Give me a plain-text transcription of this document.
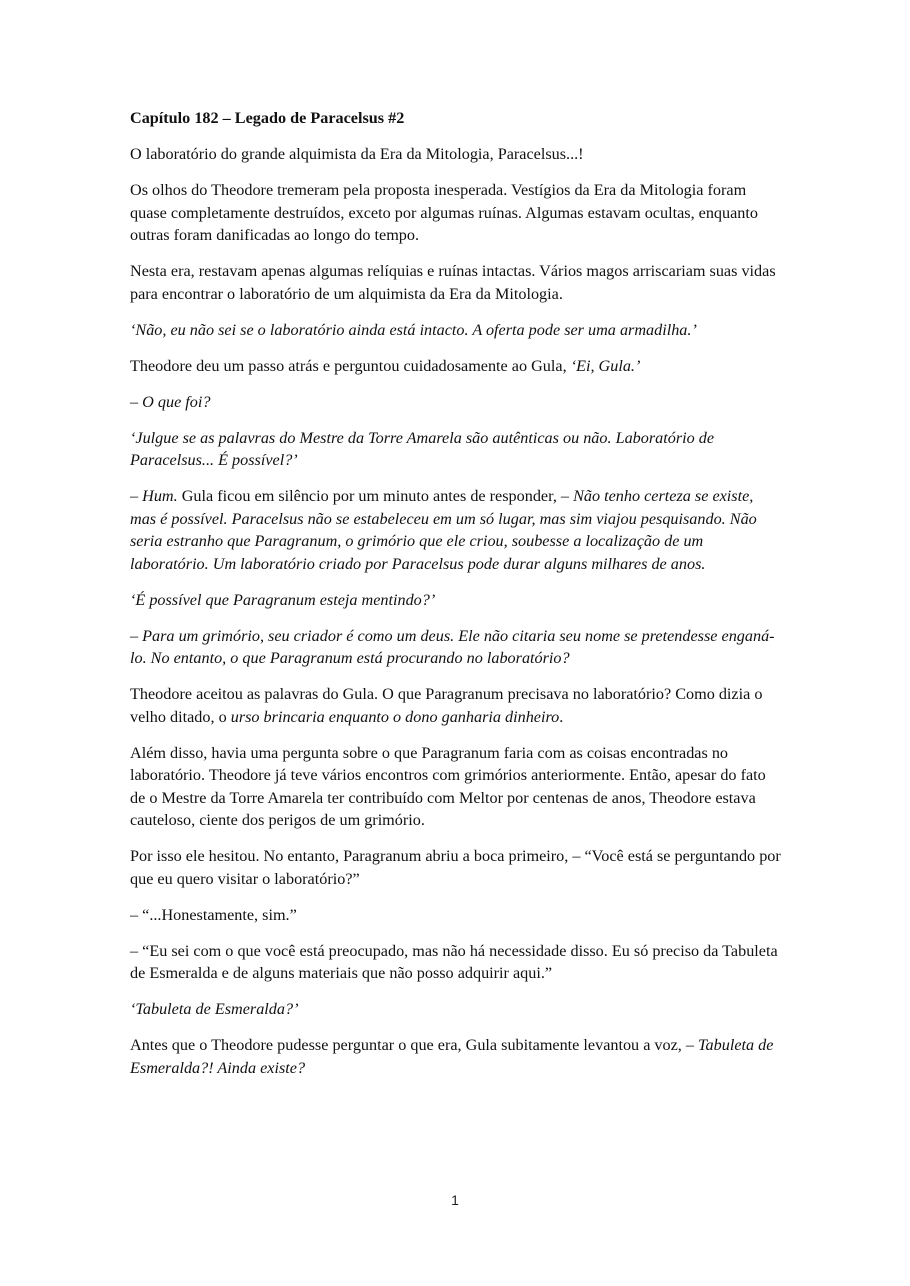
Capítulo 182 – Legado de Paracelsus #2

O laboratório do grande alquimista da Era da Mitologia, Paracelsus...!

Os olhos do Theodore tremeram pela proposta inesperada. Vestígios da Era da Mitologia foram quase completamente destruídos, exceto por algumas ruínas. Algumas estavam ocultas, enquanto outras foram danificadas ao longo do tempo.

Nesta era, restavam apenas algumas relíquias e ruínas intactas. Vários magos arriscariam suas vidas para encontrar o laboratório de um alquimista da Era da Mitologia.

‘Não, eu não sei se o laboratório ainda está intacto. A oferta pode ser uma armadilha.’

Theodore deu um passo atrás e perguntou cuidadosamente ao Gula, ‘Ei, Gula.’

– O que foi?

‘Julgue se as palavras do Mestre da Torre Amarela são autênticas ou não. Laboratório de Paracelsus... É possível?’

– Hum. Gula ficou em silêncio por um minuto antes de responder, – Não tenho certeza se existe, mas é possível. Paracelsus não se estabeleceu em um só lugar, mas sim viajou pesquisando. Não seria estranho que Paragranum, o grimório que ele criou, soubesse a localização de um laboratório. Um laboratório criado por Paracelsus pode durar alguns milhares de anos.

‘É possível que Paragranum esteja mentindo?’

– Para um grimório, seu criador é como um deus. Ele não citaria seu nome se pretendesse enganá-lo. No entanto, o que Paragranum está procurando no laboratório?

Theodore aceitou as palavras do Gula. O que Paragranum precisava no laboratório? Como dizia o velho ditado, o urso brincaria enquanto o dono ganharia dinheiro.

Além disso, havia uma pergunta sobre o que Paragranum faria com as coisas encontradas no laboratório. Theodore já teve vários encontros com grimórios anteriormente. Então, apesar do fato de o Mestre da Torre Amarela ter contribuído com Meltor por centenas de anos, Theodore estava cauteloso, ciente dos perigos de um grimório.

Por isso ele hesitou. No entanto, Paragranum abriu a boca primeiro, – “Você está se perguntando por que eu quero visitar o laboratório?”

– “...Honestamente, sim.”

– “Eu sei com o que você está preocupado, mas não há necessidade disso. Eu só preciso da Tabuleta de Esmeralda e de alguns materiais que não posso adquirir aqui.”

‘Tabuleta de Esmeralda?’

Antes que o Theodore pudesse perguntar o que era, Gula subitamente levantou a voz, – Tabuleta de Esmeralda?! Ainda existe?

1
